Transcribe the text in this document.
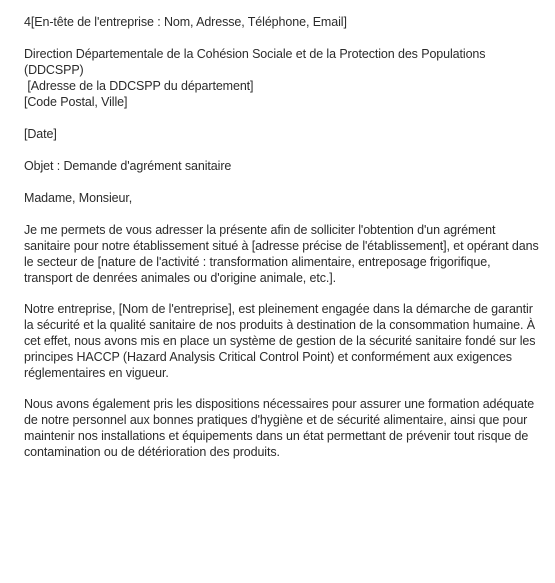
4[En-tête de l'entreprise : Nom, Adresse, Téléphone, Email]

Direction Départementale de la Cohésion Sociale et de la Protection des Populations

(DDCSPP)

[Adresse de la DDCSPP du département]

[Code Postal, Ville]

[Date]

Objet : Demande d'agrément sanitaire

Madame, Monsieur,

Je me permets de vous adresser la présente afin de solliciter l'obtention d'un agrément sanitaire pour notre établissement situé à [adresse précise de l'établissement], et opérant dans le secteur de [nature de l'activité : transformation alimentaire, entreposage frigorifique, transport de denrées animales ou d'origine animale, etc.].

Notre entreprise, [Nom de l'entreprise], est pleinement engagée dans la démarche de garantir la sécurité et la qualité sanitaire de nos produits à destination de la consommation humaine. À cet effet, nous avons mis en place un système de gestion de la sécurité sanitaire fondé sur les principes HACCP (Hazard Analysis Critical Control Point) et conformément aux exigences réglementaires en vigueur.

Nous avons également pris les dispositions nécessaires pour assurer une formation adéquate de notre personnel aux bonnes pratiques d'hygiène et de sécurité alimentaire, ainsi que pour maintenir nos installations et équipements dans un état permettant de prévenir tout risque de contamination ou de détérioration des produits.
